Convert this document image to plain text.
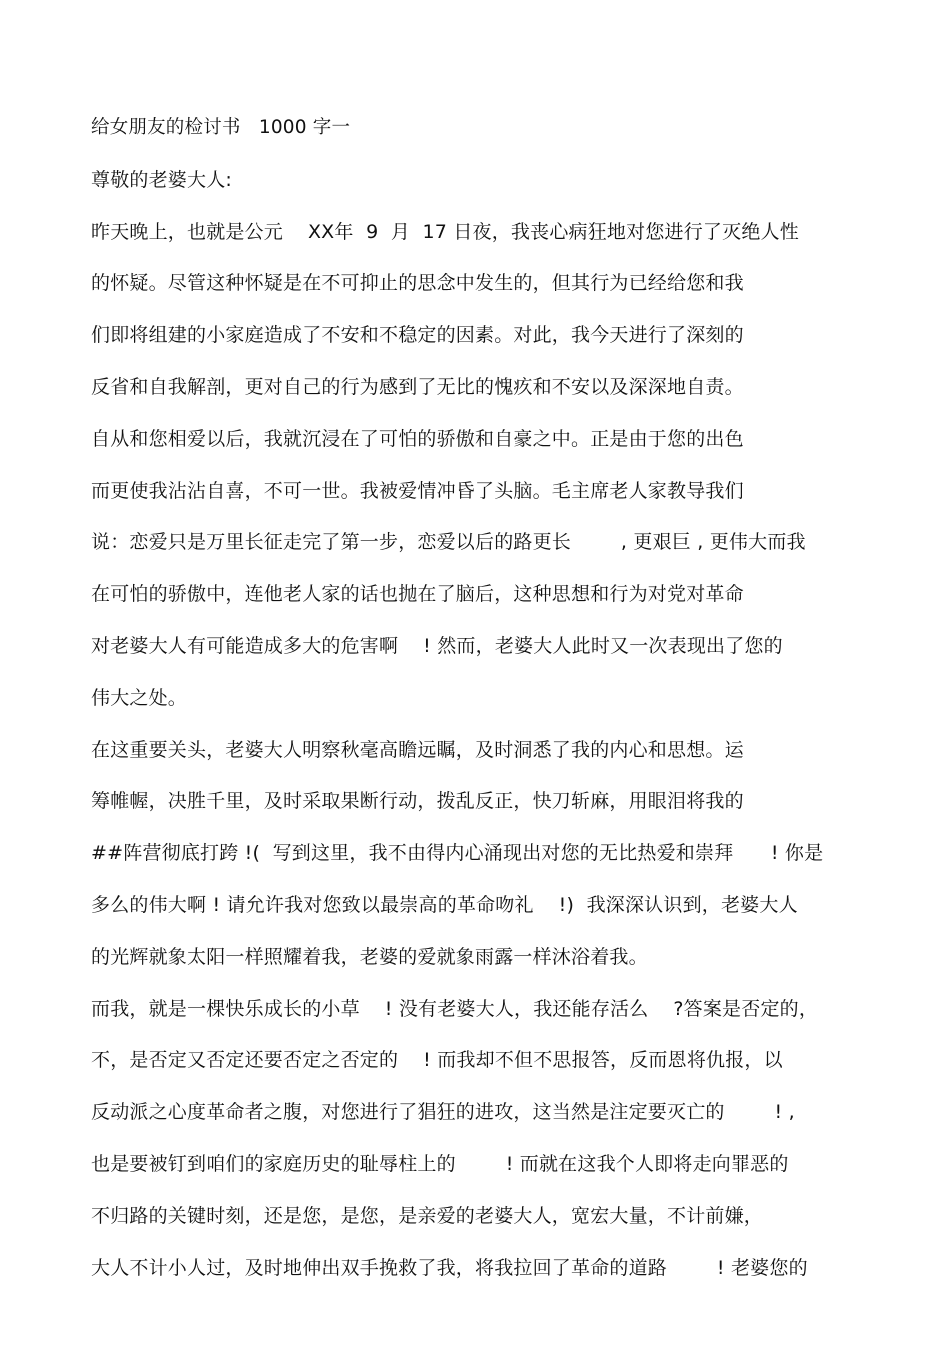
给女朋友的检讨书   1000 字一
尊敬的老婆大人:
昨天晚上，也就是公元    XX年  9  月  17 日夜，我丧心病狂地对您进行了灭绝人性
的怀疑。尽管这种怀疑是在不可抑止的思念中发生的，但其行为已经给您和我
们即将组建的小家庭造成了不安和不稳定的因素。对此，我今天进行了深刻的
反省和自我解剖，更对自己的行为感到了无比的愧疚和不安以及深深地自责。
自从和您相爱以后，我就沉浸在了可怕的骄傲和自豪之中。正是由于您的出色
而更使我沾沾自喜，不可一世。我被爱情冲昏了头脑。毛主席老人家教导我们
说：恋爱只是万里长征走完了第一步，恋爱以后的路更长        , 更艰巨 , 更伟大而我
在可怕的骄傲中，连他老人家的话也抛在了脑后，这种思想和行为对党对革命
对老婆大人有可能造成多大的危害啊    ! 然而，老婆大人此时又一次表现出了您的
伟大之处。
在这重要关头，老婆大人明察秋毫高瞻远瞩，及时洞悉了我的内心和思想。运
筹帷幄，决胜千里，及时采取果断行动，拨乱反正，快刀斩麻，用眼泪将我的
##阵营彻底打跨 !(  写到这里，我不由得内心涌现出对您的无比热爱和崇拜      ! 你是
多么的伟大啊 ! 请允许我对您致以最崇高的革命吻礼    !)  我深深认识到，老婆大人
的光辉就象太阳一样照耀着我，老婆的爱就象雨露一样沐浴着我。
而我，就是一棵快乐成长的小草    ! 没有老婆大人，我还能存活么    ?答案是否定的，
不，是否定又否定还要否定之否定的    ! 而我却不但不思报答，反而恩将仇报，以
反动派之心度革命者之腹，对您进行了猖狂的进攻，这当然是注定要灭亡的        ! ,
也是要被钉到咱们的家庭历史的耻辱柱上的        ! 而就在这我个人即将走向罪恶的
不归路的关键时刻，还是您，是您，是亲爱的老婆大人，宽宏大量，不计前嫌，
大人不计小人过，及时地伸出双手挽救了我，将我拉回了革命的道路        ! 老婆您的
